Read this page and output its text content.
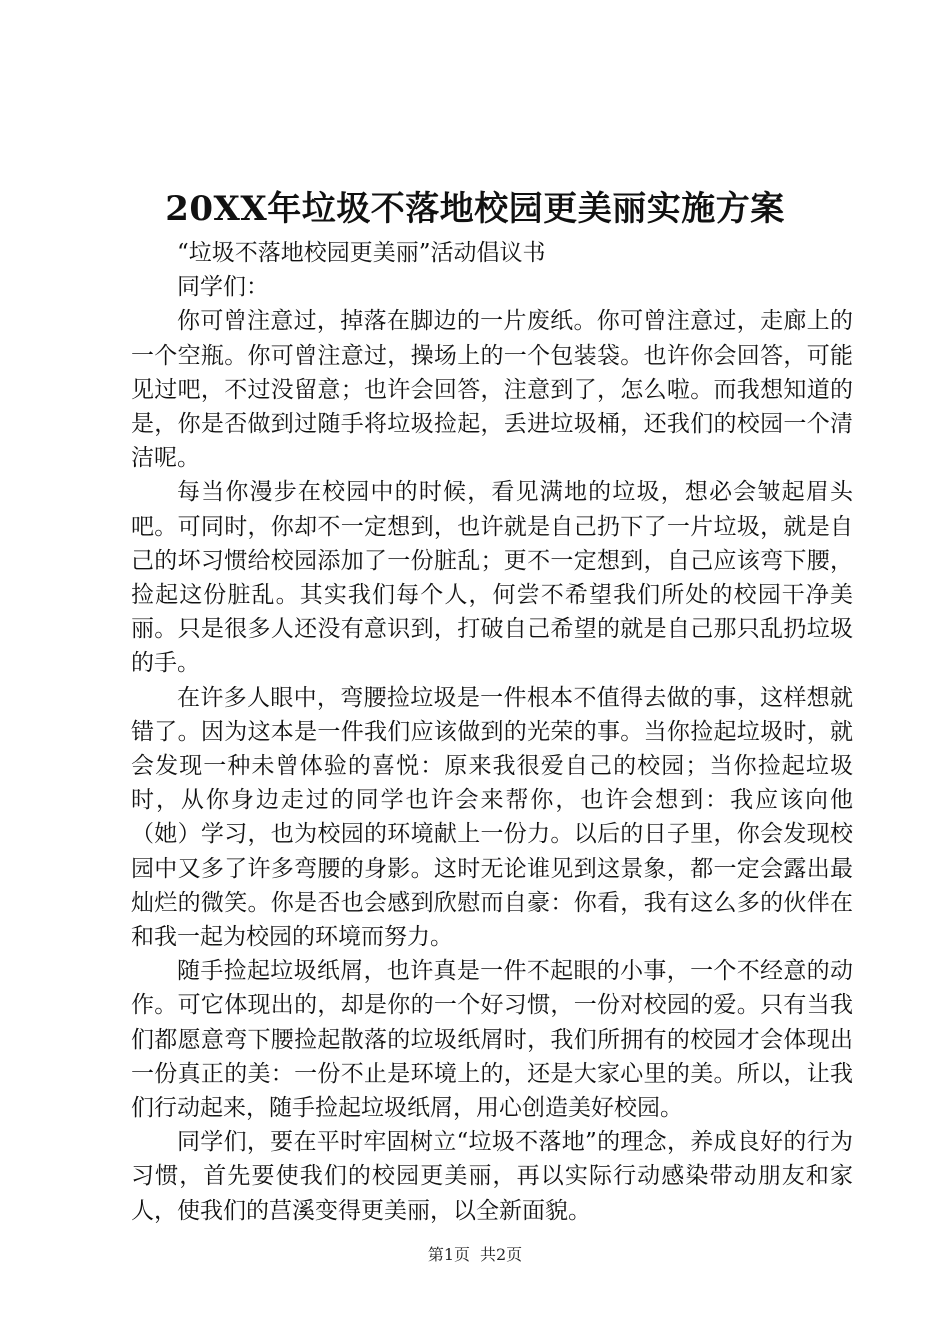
20XX年垃圾不落地校园更美丽实施方案

“垃圾不落地校园更美丽”活动倡议书

同学们：

你可曾注意过，掉落在脚边的一片废纸。你可曾注意过，走廊上的一个空瓶。你可曾注意过，操场上的一个包装袋。也许你会回答，可能见过吧，不过没留意；也许会回答，注意到了，怎么啦。而我想知道的是，你是否做到过随手将垃圾捡起，丢进垃圾桶，还我们的校园一个清洁呢。

每当你漫步在校园中的时候，看见满地的垃圾，想必会皱起眉头吧。可同时，你却不一定想到，也许就是自己扔下了一片垃圾，就是自己的坏习惯给校园添加了一份脏乱；更不一定想到，自己应该弯下腰，捡起这份脏乱。其实我们每个人，何尝不希望我们所处的校园干净美丽。只是很多人还没有意识到，打破自己希望的就是自己那只乱扔垃圾的手。

在许多人眼中，弯腰捡垃圾是一件根本不值得去做的事，这样想就错了。因为这本是一件我们应该做到的光荣的事。当你捡起垃圾时，就会发现一种未曾体验的喜悦：原来我很爱自己的校园；当你捡起垃圾时，从你身边走过的同学也许会来帮你，也许会想到：我应该向他（她）学习，也为校园的环境献上一份力。以后的日子里，你会发现校园中又多了许多弯腰的身影。这时无论谁见到这景象，都一定会露出最灿烂的微笑。你是否也会感到欣慰而自豪：你看，我有这么多的伙伴在和我一起为校园的环境而努力。

随手捡起垃圾纸屑，也许真是一件不起眼的小事，一个不经意的动作。可它体现出的，却是你的一个好习惯，一份对校园的爱。只有当我们都愿意弯下腰捡起散落的垃圾纸屑时，我们所拥有的校园才会体现出一份真正的美：一份不止是环境上的，还是大家心里的美。所以，让我们行动起来，随手捡起垃圾纸屑，用心创造美好校园。

同学们，要在平时牢固树立“垃圾不落地”的理念，养成良好的行为习惯，首先要使我们的校园更美丽，再以实际行动感染带动朋友和家人，使我们的莒溪变得更美丽，以全新面貌。

第1页 共2页
